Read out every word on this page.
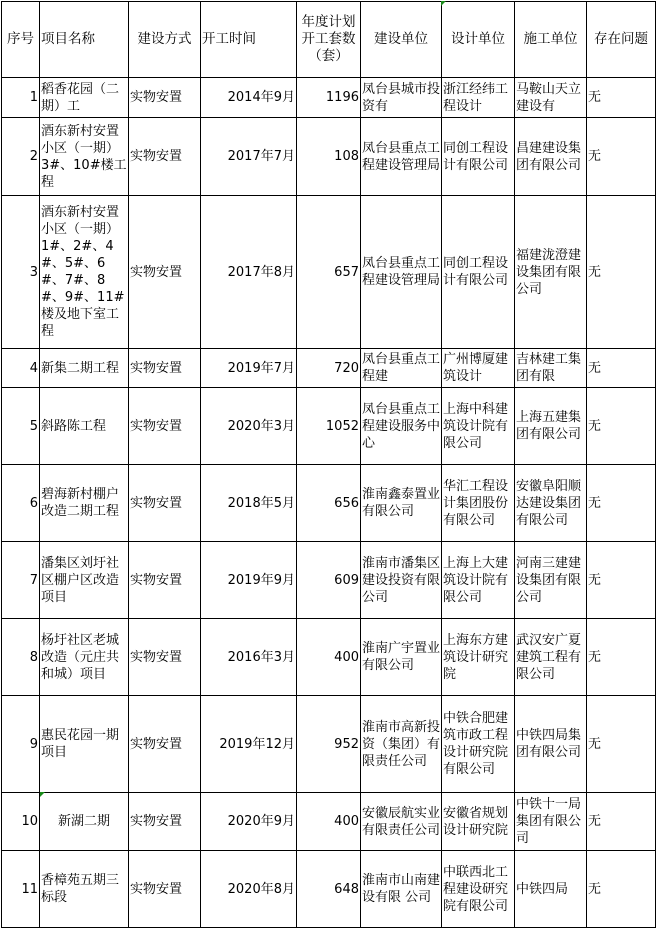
序号	项目名称	建设方式	开工时间	年度计划开工套数（套）	建设单位	设计单位	施工单位	存在问题
1	稻香花园（二期）工	实物安置	2014年9月	1196	凤台县城市投资有	浙江经纬工程设计	马鞍山天立建设有	无
2	酒东新村安置小区（一期）3#、10#楼工程	实物安置	2017年7月	108	凤台县重点工程建设管理局	同创工程设计有限公司	昌建建设集团有限公司	无
3	酒东新村安置小区（一期）1#、2#、4#、5#、6#、7#、8#、9#、11#楼及地下室工程	实物安置	2017年8月	657	凤台县重点工程建设管理局	同创工程设计有限公司	福建泷澄建设集团有限公司	无
4	新集二期工程	实物安置	2019年7月	720	凤台县重点工程建	广州博厦建筑设计	吉林建工集团有限	无
5	斜路陈工程	实物安置	2020年3月	1052	凤台县重点工程建设服务中心	上海中科建筑设计院有限公司	上海五建集团有限公司	无
6	碧海新村棚户改造二期工程	实物安置	2018年5月	656	淮南鑫泰置业有限公司	华汇工程设计集团股份有限公司	安徽阜阳顺达建设集团有限公司	无
7	潘集区刘圩社区棚户区改造项目	实物安置	2019年9月	609	淮南市潘集区建设投资有限公司	上海上大建筑设计院有限公司	河南三建建设集团有限公司	无
8	杨圩社区老城改造（元庄共和城）项目	实物安置	2016年3月	400	淮南广宇置业有限公司	上海东方建筑设计研究院	武汉安广夏建筑工程有限公司	无
9	惠民花园一期项目	实物安置	2019年12月	952	淮南市高新投资（集团）有限责任公司	中铁合肥建筑市政工程设计研究院有限公司	中铁四局集团有限公司	无
10	新湖二期	实物安置	2020年9月	400	安徽辰航实业有限责任公司	安徽省规划设计研究院	中铁十一局集团有限公司	无
11	香樟苑五期三标段	实物安置	2020年8月	648	淮南市山南建设有限 公司	中联西北工程建设研究院有限公司	中铁四局	无
